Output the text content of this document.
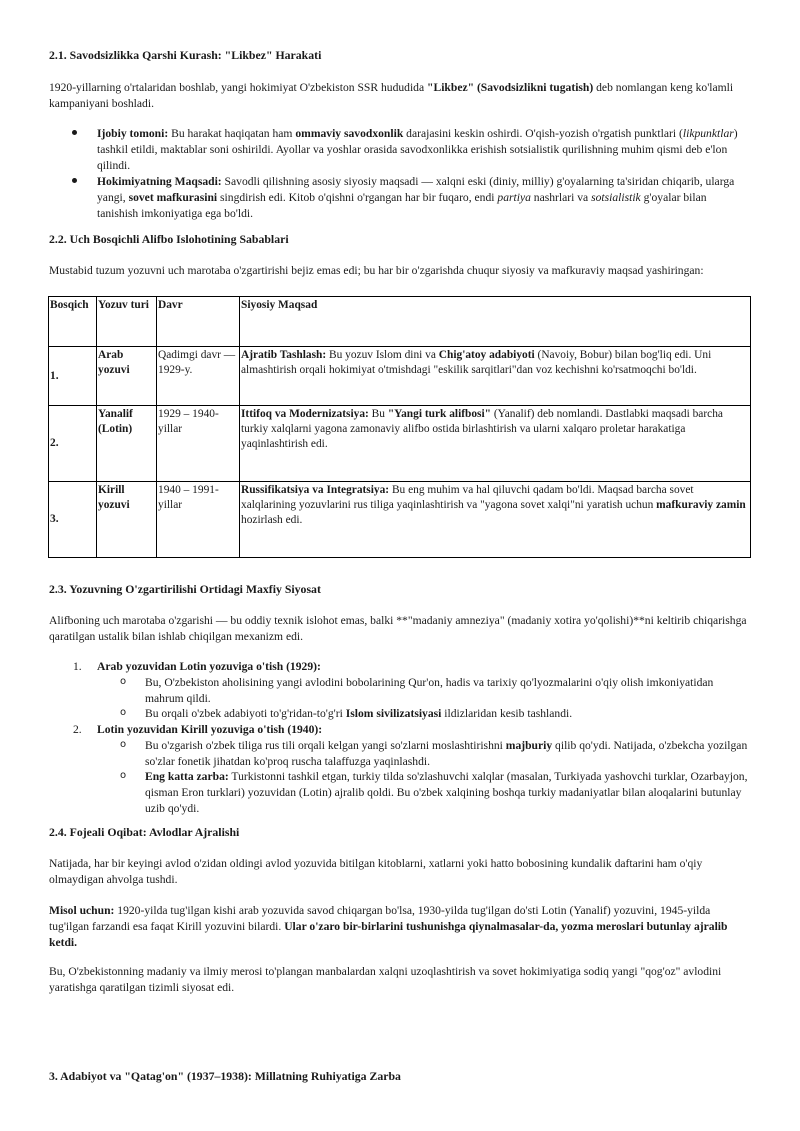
2.1. Savodsizlikka Qarshi Kurash: "Likbez" Harakati

1920-yillarning o'rtalaridan boshlab, yangi hokimiyat O'zbekiston SSR hududida "Likbez" (Savodsizlikni tugatish) deb nomlangan keng ko'lamli kampaniyani boshladi.

Ijobiy tomoni: Bu harakat haqiqatan ham ommaviy savodxonlik darajasini keskin oshirdi. O'qish-yozish o'rgatish punktlari (likpunktlar) tashkil etildi, maktablar soni oshirildi. Ayollar va yoshlar orasida savodxonlikka erishish sotsialistik qurilishning muhim qismi deb e'lon qilindi.
Hokimiyatning Maqsadi: Savodli qilishning asosiy siyosiy maqsadi — xalqni eski (diniy, milliy) g'oyalarning ta'siridan chiqarib, ularga yangi, sovet mafkurasini singdirish edi. Kitob o'qishni o'rgangan har bir fuqaro, endi partiya nashrlari va sotsialistik g'oyalar bilan tanishish imkoniyatiga ega bo'ldi.
2.2. Uch Bosqichli Alifbo Islohotining Sabablari

Mustabid tuzum yozuvni uch marotaba o'zgartirishi bejiz emas edi; bu har bir o'zgarishda chuqur siyosiy va mafkuraviy maqsad yashiringan:

Bosqich	Yozuv turi	Davr	Siyosiy Maqsad
1.	Arab yozuvi	Qadimgi davr — 1929-y.	Ajratib Tashlash: Bu yozuv Islom dini va Chig'atoy adabiyoti (Navoiy, Bobur) bilan bog'liq edi. Uni almashtirish orqali hokimiyat o'tmishdagi "eskilik sarqitlari"dan voz kechishni ko'rsatmoqchi bo'ldi.
2.	Yanalif (Lotin)	1929 – 1940-yillar	Ittifoq va Modernizatsiya: Bu "Yangi turk alifbosi" (Yanalif) deb nomlandi. Dastlabki maqsadi barcha turkiy xalqlarni yagona zamonaviy alifbo ostida birlashtirish va ularni xalqaro proletar harakatiga yaqinlashtirish edi.
3.	Kirill yozuvi	1940 – 1991-yillar	Russifikatsiya va Integratsiya: Bu eng muhim va hal qiluvchi qadam bo'ldi. Maqsad barcha sovet xalqlarining yozuvlarini rus tiliga yaqinlashtirish va "yagona sovet xalqi"ni yaratish uchun mafkuraviy zamin hozirlash edi.
2.3. Yozuvning O'zgartirilishi Ortidagi Maxfiy Siyosat

Alifboning uch marotaba o'zgarishi — bu oddiy texnik islohot emas, balki **"madaniy amneziya" (madaniy xotira yo'qolishi)**ni keltirib chiqarishga qaratilgan ustalik bilan ishlab chiqilgan mexanizm edi.

1. Arab yozuvidan Lotin yozuviga o'tish (1929):
o Bu, O'zbekiston aholisining yangi avlodini bobolarining Qur'on, hadis va tarixiy qo'lyozmalarini o'qiy olish imkoniyatidan mahrum qildi.
o Bu orqali o'zbek adabiyoti to'g'ridan-to'g'ri Islom sivilizatsiyasi ildizlaridan kesib tashlandi.
2. Lotin yozuvidan Kirill yozuviga o'tish (1940):
o Bu o'zgarish o'zbek tiliga rus tili orqali kelgan yangi so'zlarni moslashtirishni majburiy qilib qo'ydi. Natijada, o'zbekcha yozilgan so'zlar fonetik jihatdan ko'proq ruscha talaffuzga yaqinlashdi.
o Eng katta zarba: Turkistonni tashkil etgan, turkiy tilda so'zlashuvchi xalqlar (masalan, Turkiyada yashovchi turklar, Ozarbayjon, qisman Eron turklari) yozuvidan (Lotin) ajralib qoldi. Bu o'zbek xalqining boshqa turkiy madaniyatlar bilan aloqalarini butunlay uzib qo'ydi.
2.4. Fojeali Oqibat: Avlodlar Ajralishi

Natijada, har bir keyingi avlod o'zidan oldingi avlod yozuvida bitilgan kitoblarni, xatlarni yoki hatto bobosining kundalik daftarini ham o'qiy olmaydigan ahvolga tushdi.

Misol uchun: 1920-yilda tug'ilgan kishi arab yozuvida savod chiqargan bo'lsa, 1930-yilda tug'ilgan do'sti Lotin (Yanalif) yozuvini, 1945-yilda tug'ilgan farzandi esa faqat Kirill yozuvini bilardi. Ular o'zaro bir-birlarini tushunishga qiynalmasalar-da, yozma meroslari butunlay ajralib ketdi.

Bu, O'zbekistonning madaniy va ilmiy merosi to'plangan manbalardan xalqni uzoqlashtirish va sovet hokimiyatiga sodiq yangi "qog'oz" avlodini yaratishga qaratilgan tizimli siyosat edi.

3. Adabiyot va "Qatag'on" (1937–1938): Millatning Ruhiyatiga Zarba
